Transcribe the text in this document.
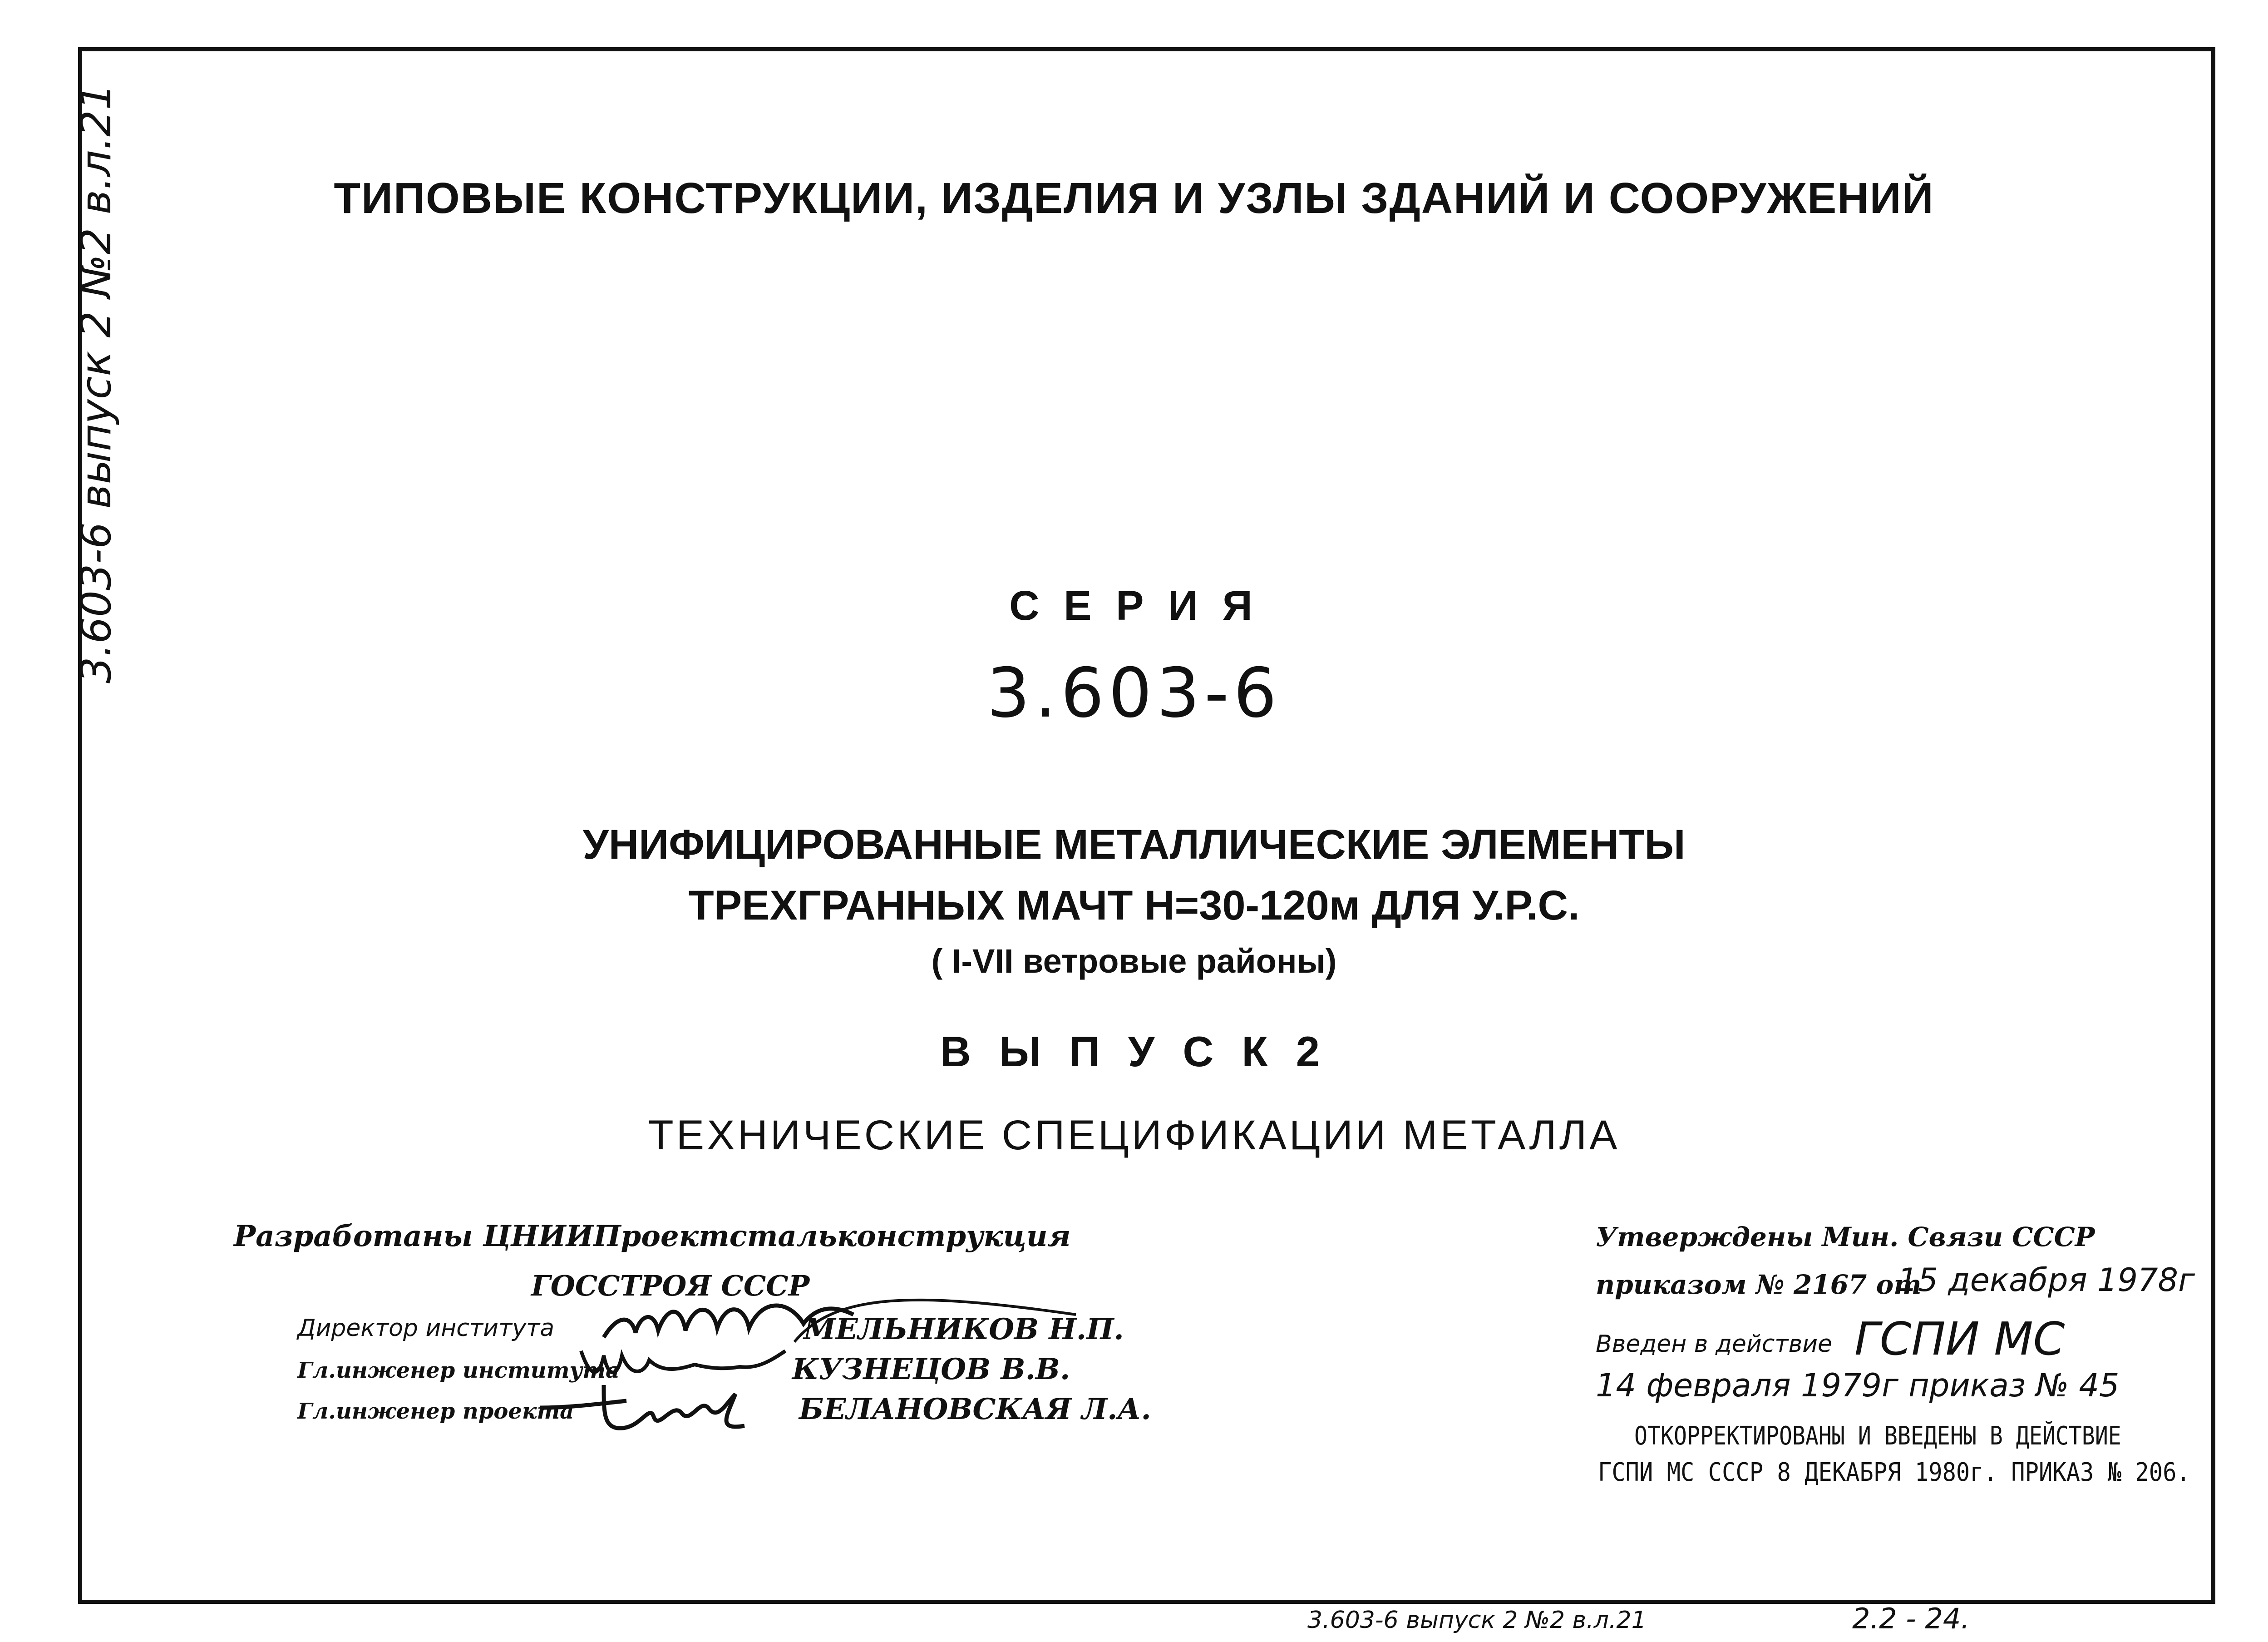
3.603-6 выпуск 2 №2 в.л.21	ТИПОВЫЕ КОНСТРУКЦИИ, ИЗДЕЛИЯ И УЗЛЫ ЗДАНИЙ И СООРУЖЕНИЙ
С Е Р И Я
3.603-6
УНИФИЦИРОВАННЫЕ МЕТАЛЛИЧЕСКИЕ ЭЛЕМЕНТЫ
ТРЕХГРАННЫХ МАЧТ Н=30-120м ДЛЯ У.Р.С.
( I-VII ветровые районы)
В Ы П У С К 2
ТЕХНИЧЕСКИЕ СПЕЦИФИКАЦИИ МЕТАЛЛА
Разработаны ЦНИИПроектстальконструкция
ГОССТРОЯ СССР
Директор института	МЕЛЬНИКОВ Н.П.
Гл.инженер института	КУЗНЕЦОВ В.В.
Гл.инженер проекта	БЕЛАНОВСКАЯ Л.А.
Утверждены Мин. Связи СССР
приказом № 2167 от
15 декабря 1978г
Введен в действие ГСПИ МС
14 февраля 1979г приказ № 45
ОТКОРРЕКТИРОВАНЫ И ВВЕДЕНЫ В ДЕЙСТВИЕ
ГСПИ МС СССР 8 ДЕКАБРЯ 1980г. ПРИКАЗ № 206.
3.603-6 выпуск 2 №2 в.л.21	2.2 - 24.
